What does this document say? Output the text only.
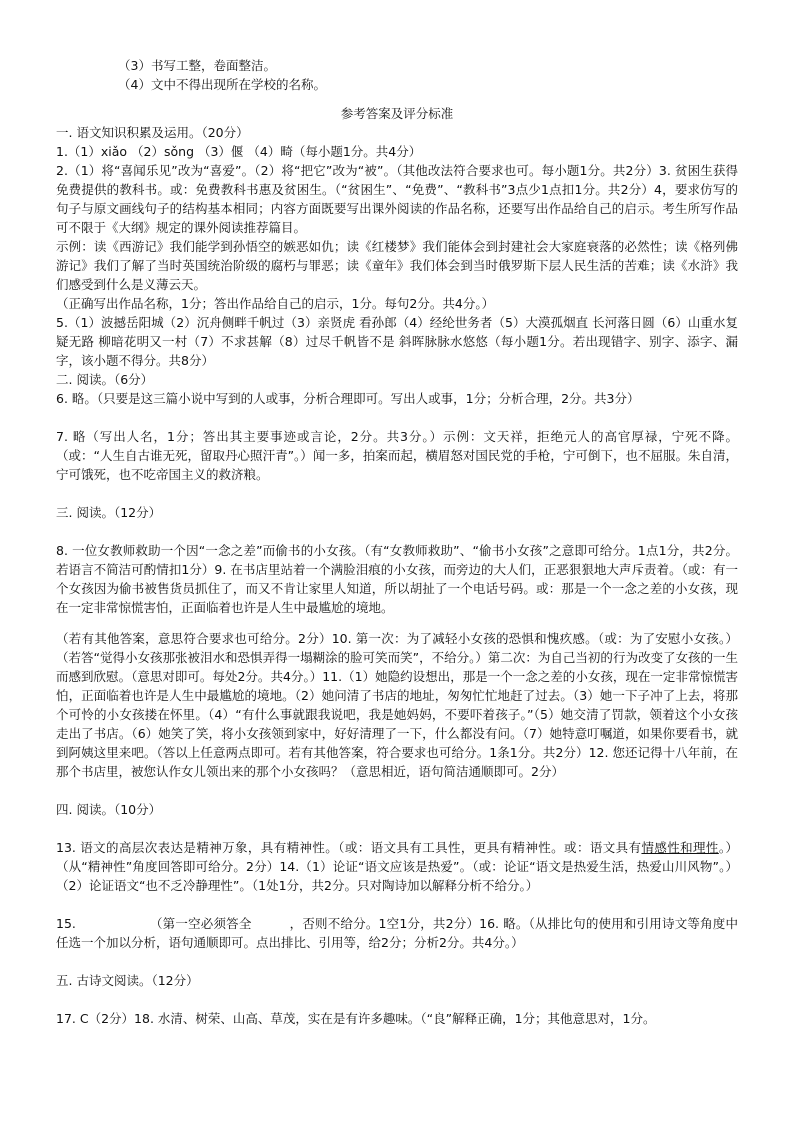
（3）书写工整，卷面整洁。

（4）文中不得出现所在学校的名称。

参考答案及评分标准

一. 语文知识积累及运用。（20分）

1.（1）xiǎo （2）sǒng （3）偃 （4）畸（每小题1分。共4分）

2.（1）将“喜闻乐见”改为“喜爱”。（2）将“把它”改为“被”。（其他改法符合要求也可。每小题1分。共2分）3. 贫困生获得免费提供的教科书。或：免费教科书惠及贫困生。（“贫困生”、“免费”、“教科书”3点少1点扣1分。共2分）4，要求仿写的句子与原文画线句子的结构基本相同；内容方面既要写出课外阅读的作品名称，还要写出作品给自己的启示。考生所写作品可不限于《大纲》规定的课外阅读推荐篇目。

示例：读《西游记》我们能学到孙悟空的嫉恶如仇；读《红楼梦》我们能体会到封建社会大家庭衰落的必然性；读《格列佛游记》我们了解了当时英国统治阶级的腐朽与罪恶；读《童年》我们体会到当时俄罗斯下层人民生活的苦难；读《水浒》我们感受到什么是义薄云天。

（正确写出作品名称，1分；答出作品给自己的启示，1分。每句2分。共4分。）

5.（1）波撼岳阳城（2）沉舟侧畔千帆过（3）亲贤虎 看孙郎（4）经纶世务者（5）大漠孤烟直 长河落日圆（6）山重水复疑无路 柳暗花明又一村（7）不求甚解（8）过尽千帆皆不是 斜晖脉脉水悠悠（每小题1分。若出现错字、别字、添字、漏字，该小题不得分。共8分）

二. 阅读。（6分）

6. 略。（只要是这三篇小说中写到的人或事，分析合理即可。写出人或事，1分；分析合理，2分。共3分）

7. 略（写出人名，1分；答出其主要事迹或言论，2分。共3分。）示例：文天祥，拒绝元人的高官厚禄，宁死不降。（或：“人生自古谁无死，留取丹心照汗青”。）闻一多，拍案而起，横眉怒对国民党的手枪，宁可倒下，也不屈服。朱自清，宁可饿死，也不吃帝国主义的救济粮。

三. 阅读。（12分）

8. 一位女教师救助一个因“一念之差”而偷书的小女孩。（有“女教师救助”、“偷书小女孩”之意即可给分。1点1分，共2分。若语言不简洁可酌情扣1分）9. 在书店里站着一个满脸泪痕的小女孩，而旁边的大人们，正恶狠狠地大声斥责着。（或：有一个女孩因为偷书被售货员抓住了，而又不肯让家里人知道，所以胡扯了一个电话号码。或：那是一个一念之差的小女孩，现在一定非常惊慌害怕，正面临着也许是人生中最尴尬的境地。

（若有其他答案，意思符合要求也可给分。2分）10. 第一次：为了减轻小女孩的恐惧和愧疚感。（或：为了安慰小女孩。）（若答“觉得小女孩那张被泪水和恐惧弄得一塌糊涂的脸可笑而笑”，不给分。）第二次：为自己当初的行为改变了女孩的一生而感到欣慰。（意思对即可。每处2分。共4分。）11.（1）她隐约设想出，那是一个一念之差的小女孩，现在一定非常惊慌害怕，正面临着也许是人生中最尴尬的境地。（2）她问清了书店的地址，匆匆忙忙地赶了过去。（3）她一下子冲了上去，将那个可怜的小女孩搂在怀里。（4）“有什么事就跟我说吧，我是她妈妈，不要吓着孩子。”（5）她交清了罚款，领着这个小女孩走出了书店。（6）她笑了笑，将小女孩领到家中，好好清理了一下，什么都没有问。（7）她特意叮嘱道，如果你要看书，就到阿姨这里来吧。（答以上任意两点即可。若有其他答案，符合要求也可给分。1条1分。共2分）12. 您还记得十八年前，在那个书店里，被您认作女儿领出来的那个小女孩吗？（意思相近，语句简洁通顺即可。2分）

四. 阅读。（10分）

13. 语文的高层次表达是精神万象，具有精神性。（或：语文具有工具性，更具有精神性。或：语文具有情感性和理性。）（从“精神性”角度回答即可给分。2分）14.（1）论证“语文应该是热爱”。（或：论证“语文是热爱生活，热爱山川风物”。）（2）论证语文“也不乏冷静理性”。（1处1分，共2分。只对陶诗加以解释分析不给分。）

15. 　　　　　　（第一空必须答全　　　，否则不给分。1空1分，共2分）16. 略。（从排比句的使用和引用诗文等角度中任选一个加以分析，语句通顺即可。点出排比、引用等，给2分；分析2分。共4分。）

五. 古诗文阅读。（12分）

17. C（2分）18. 水清、树荣、山高、草茂，实在是有许多趣味。（“良”解释正确，1分；其他意思对，1分。
